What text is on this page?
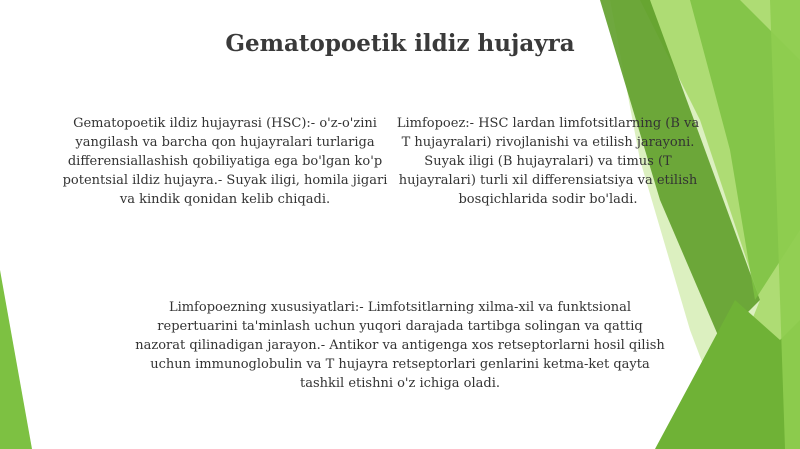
Gematopoetik ildiz hujayra

Gematopoetik ildiz hujayrasi (HSC):- o'z-o'zini yangilash va barcha qon hujayralari turlariga differensiallashish qobiliyatiga ega bo'lgan ko'p potentsial ildiz hujayra.- Suyak iligi, homila jigari va kindik qonidan kelib chiqadi.

Limfopoez:- HSC lardan limfotsitlarning (B va T hujayralari) rivojlanishi va etilish jarayoni. Suyak iligi (B hujayralari) va timus (T hujayralari) turli xil differensiatsiya va etilish bosqichlarida sodir bo'ladi.

Limfopoezning xususiyatlari:- Limfotsitlarning xilma-xil va funktsional repertuarini ta'minlash uchun yuqori darajada tartibga solingan va qattiq nazorat qilinadigan jarayon.- Antikor va antigenga xos retseptorlarni hosil qilish uchun immunoglobulin va T hujayra retseptorlari genlarini ketma-ket qayta tashkil etishni o'z ichiga oladi.
